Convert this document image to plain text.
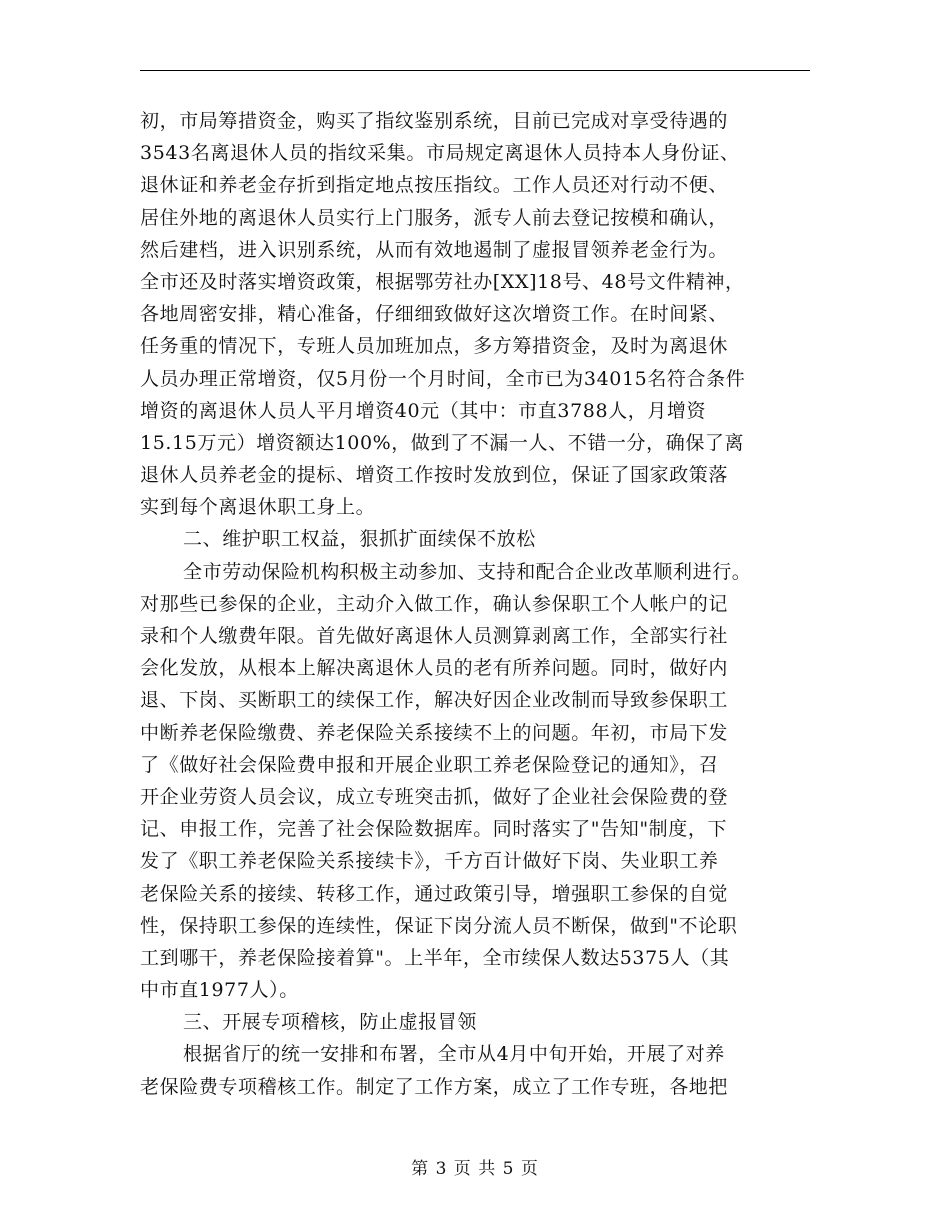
初，市局筹措资金，购买了指纹鉴别系统，目前已完成对享受待遇的
3543名离退休人员的指纹采集。市局规定离退休人员持本人身份证、
退休证和养老金存折到指定地点按压指纹。工作人员还对行动不便、
居住外地的离退休人员实行上门服务，派专人前去登记按模和确认，
然后建档，进入识别系统，从而有效地遏制了虚报冒领养老金行为。
全市还及时落实增资政策，根据鄂劳社办[XX]18号、48号文件精神，
各地周密安排，精心准备，仔细细致做好这次增资工作。在时间紧、
任务重的情况下，专班人员加班加点，多方筹措资金，及时为离退休
人员办理正常增资，仅5月份一个月时间，全市已为34015名符合条件
增资的离退休人员人平月增资40元（其中：市直3788人，月增资
15.15万元）增资额达100%，做到了不漏一人、不错一分，确保了离
退休人员养老金的提标、增资工作按时发放到位，保证了国家政策落
实到每个离退休职工身上。
二、维护职工权益，狠抓扩面续保不放松
全市劳动保险机构积极主动参加、支持和配合企业改革顺利进行。
对那些已参保的企业，主动介入做工作，确认参保职工个人帐户的记
录和个人缴费年限。首先做好离退休人员测算剥离工作，全部实行社
会化发放，从根本上解决离退休人员的老有所养问题。同时，做好内
退、下岗、买断职工的续保工作，解决好因企业改制而导致参保职工
中断养老保险缴费、养老保险关系接续不上的问题。年初，市局下发
了《做好社会保险费申报和开展企业职工养老保险登记的通知》，召
开企业劳资人员会议，成立专班突击抓，做好了企业社会保险费的登
记、申报工作，完善了社会保险数据库。同时落实了"告知"制度，下
发了《职工养老保险关系接续卡》，千方百计做好下岗、失业职工养
老保险关系的接续、转移工作，通过政策引导，增强职工参保的自觉
性，保持职工参保的连续性，保证下岗分流人员不断保，做到"不论职
工到哪干，养老保险接着算"。上半年，全市续保人数达5375人（其
中市直1977人）。
三、开展专项稽核，防止虚报冒领
根据省厅的统一安排和布署，全市从4月中旬开始，开展了对养
老保险费专项稽核工作。制定了工作方案，成立了工作专班，各地把
第 3 页 共 5 页
